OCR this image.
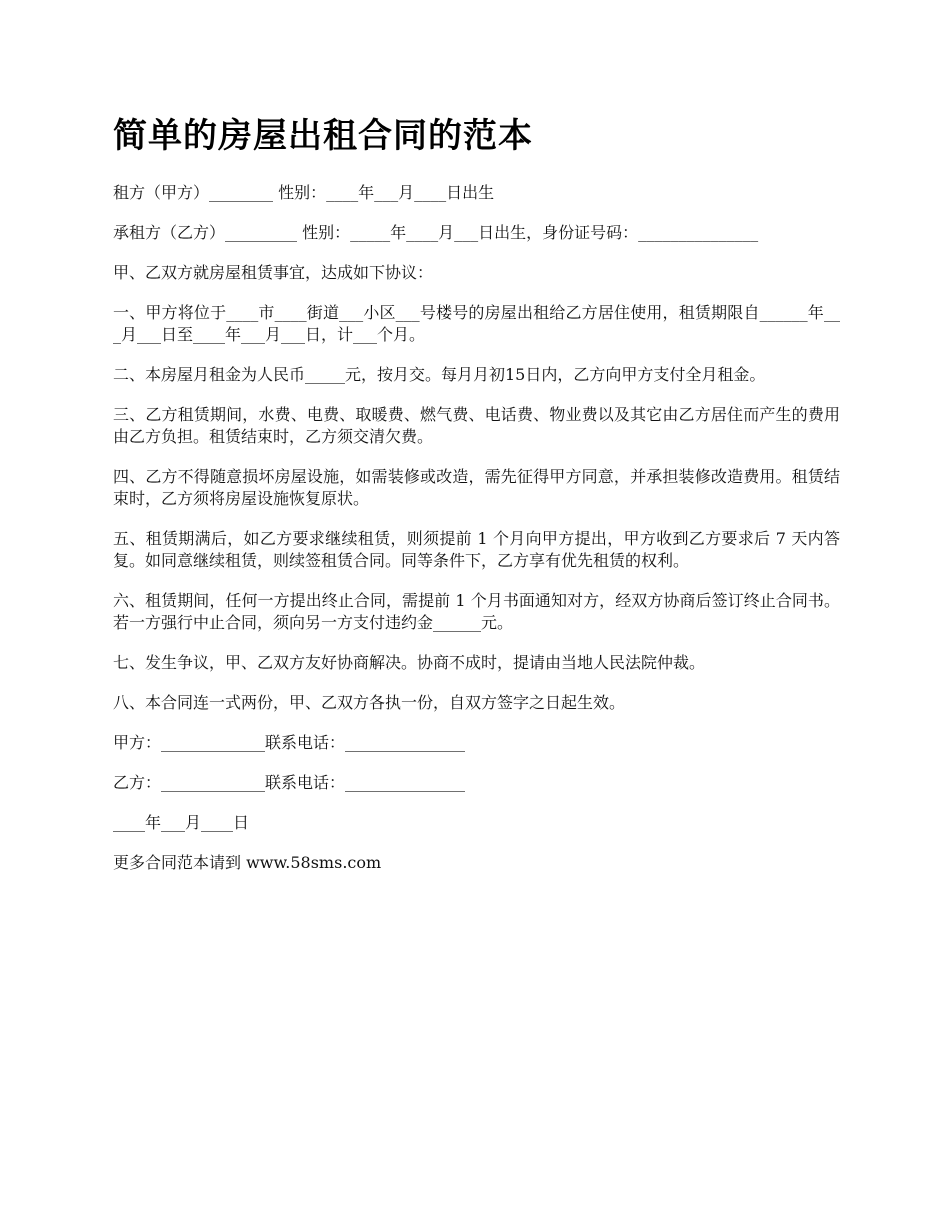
简单的房屋出租合同的范本

租方（甲方）________ 性别：____年___月____日出生

承租方（乙方）_________ 性别：_____年____月___日出生，身份证号码：_______________

甲、乙双方就房屋租赁事宜，达成如下协议：

一、甲方将位于____市____街道___小区___号楼号的房屋出租给乙方居住使用，租赁期限自______年___月___日至____年___月___日，计___个月。

二、本房屋月租金为人民币_____元，按月交。每月月初15日内，乙方向甲方支付全月租金。

三、乙方租赁期间，水费、电费、取暖费、燃气费、电话费、物业费以及其它由乙方居住而产生的费用由乙方负担。租赁结束时，乙方须交清欠费。

四、乙方不得随意损坏房屋设施，如需装修或改造，需先征得甲方同意，并承担装修改造费用。租赁结束时，乙方须将房屋设施恢复原状。

五、租赁期满后，如乙方要求继续租赁，则须提前 1 个月向甲方提出，甲方收到乙方要求后 7 天内答复。如同意继续租赁，则续签租赁合同。同等条件下，乙方享有优先租赁的权利。

六、租赁期间，任何一方提出终止合同，需提前 1 个月书面通知对方，经双方协商后签订终止合同书。若一方强行中止合同，须向另一方支付违约金______元。

七、发生争议，甲、乙双方友好协商解决。协商不成时，提请由当地人民法院仲裁。

八、本合同连一式两份，甲、乙双方各执一份，自双方签字之日起生效。

甲方：_____________联系电话：_______________

乙方：_____________联系电话：_______________

____年___月____日

更多合同范本请到 www.58sms.com
